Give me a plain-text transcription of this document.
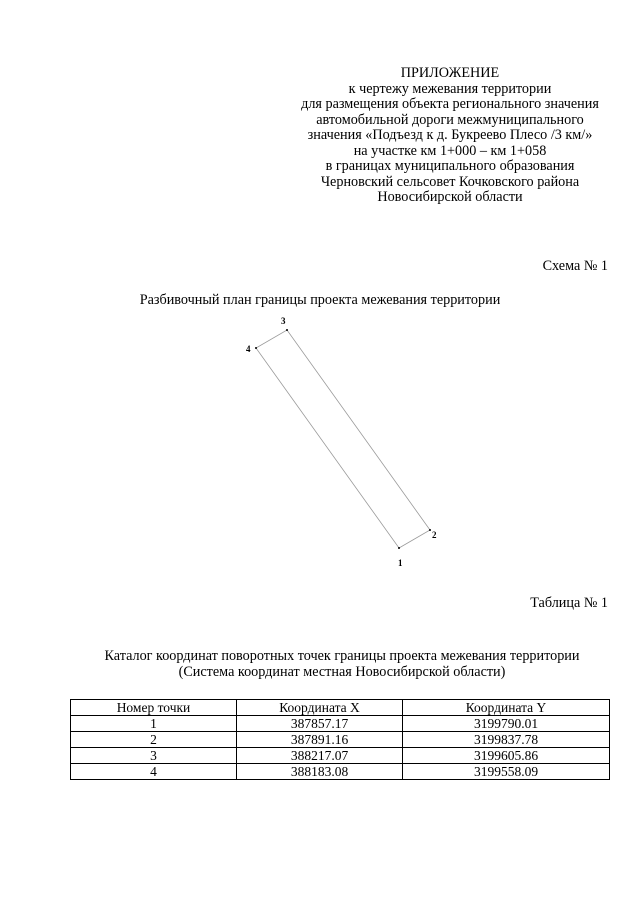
ПРИЛОЖЕНИЕ
к чертежу межевания территории
для размещения объекта регионального значения
автомобильной дороги межмуниципального
значения «Подъезд к д. Букреево Плесо /3 км/»
на участке км 1+000 – км 1+058
в границах муниципального образования
Черновский сельсовет Кочковского района
Новосибирской области
Схема № 1
Разбивочный план границы проекта межевания территории
1
2
3
4
Таблица № 1
Каталог координат поворотных точек границы проекта межевания территории
(Система координат местная Новосибирской области)
Номер точки	Координата X	Координата Y
1	387857.17	3199790.01
2	387891.16	3199837.78
3	388217.07	3199605.86
4	388183.08	3199558.09
